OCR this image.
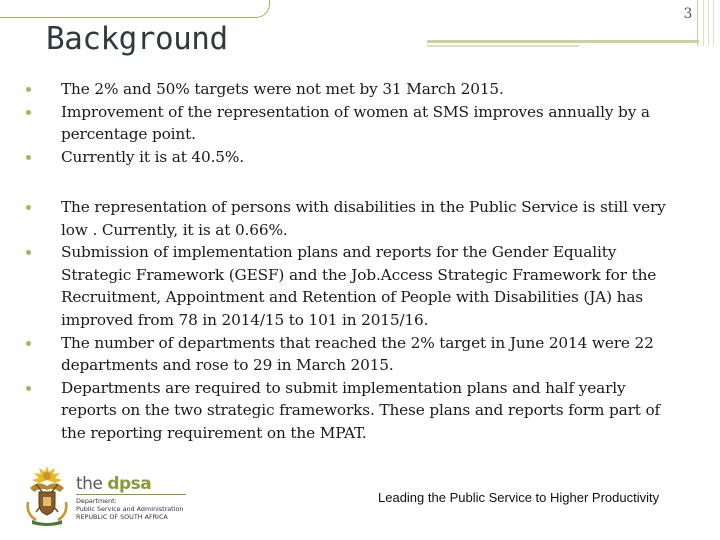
3
Background
The 2% and 50% targets were not met by 31 March 2015.
Improvement of the representation of women at SMS improves annually by a percentage point.
Currently it is at 40.5%.
The representation of persons with disabilities in the Public Service is still very low . Currently, it is at 0.66%.
Submission of implementation plans and reports for the Gender Equality Strategic Framework (GESF) and the Job.Access Strategic Framework for the Recruitment, Appointment and Retention of People with Disabilities (JA) has improved from 78 in 2014/15 to 101 in 2015/16.
The number of departments that reached the 2% target in June 2014 were 22 departments and rose to 29 in March 2015.
Departments are required to submit implementation plans and half yearly reports on the two strategic frameworks. These plans and reports form part of the reporting requirement on the MPAT.
the dpsa
Department:
Public Service and Administration
REPUBLIC OF SOUTH AFRICA
Leading the Public Service to Higher Productivity
